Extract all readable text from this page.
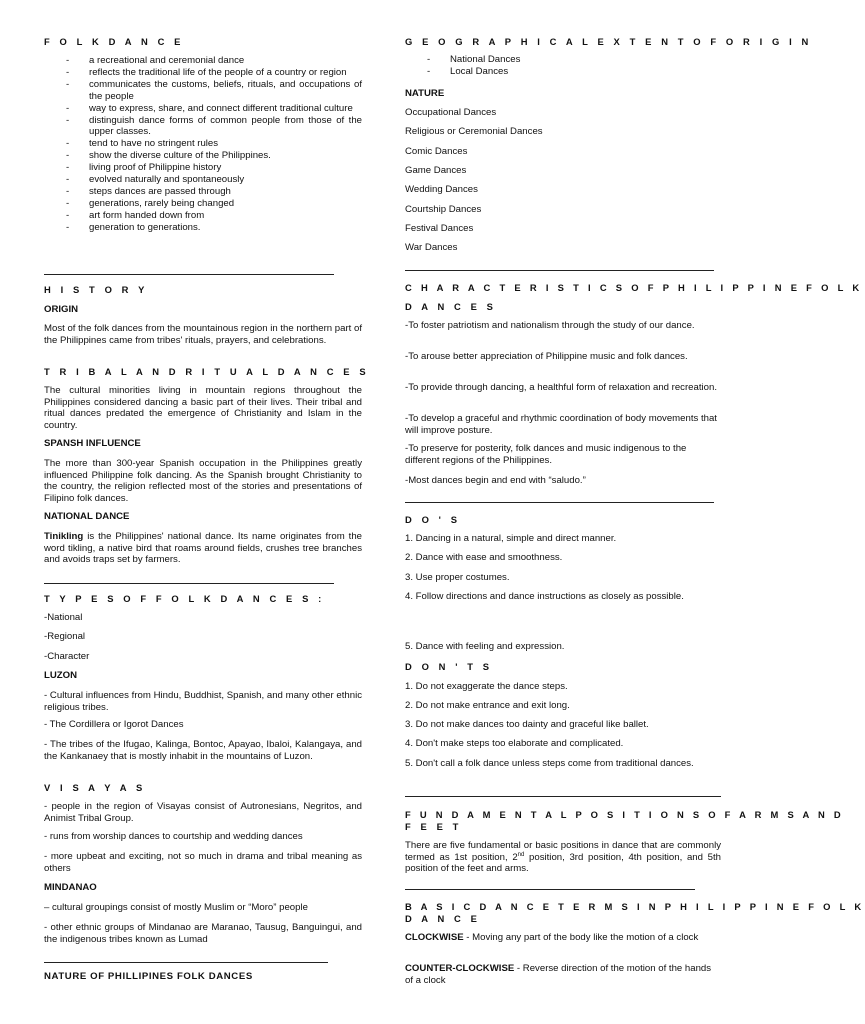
F O L K D A N C E
- a recreational and ceremonial dance
- reflects the traditional life of the people of a country or region
- communicates the customs, beliefs, rituals, and occupations of the people
- way to express, share, and connect different traditional culture
- distinguish dance forms of common people from those of the upper classes.
- tend to have no stringent rules
- show the diverse culture of the Philippines.
- living proof of Philippine history
- evolved naturally and spontaneously
- steps dances are passed through
- generations, rarely being changed
- art form handed down from
- generation to generations.
H I S T O R Y
ORIGIN

Most of the folk dances from the mountainous region in the northern part of the Philippines came from tribes' rituals, prayers, and celebrations.

T R I B A L A N D R I T U A L D A N C E S

The cultural minorities living in mountain regions throughout the Philippines considered dancing a basic part of their lives. Their tribal and ritual dances predated the emergence of Christianity and Islam in the country.

SPANSH INFLUENCE

The more than 300-year Spanish occupation in the Philippines greatly influenced Philippine folk dancing. As the Spanish brought Christianity to the country, the religion reflected most of the stories and presentations of Filipino folk dances.

NATIONAL DANCE

Tinikling is the Philippines' national dance. Its name originates from the word tikling, a native bird that roams around fields, crushes tree branches and avoids traps set by farmers.

T Y P E S O F F O L K D A N C E S :
-National
-Regional
-Character
LUZON

- Cultural influences from Hindu, Buddhist, Spanish, and many other ethnic religious tribes.

- The Cordillera or Igorot Dances

- The tribes of the Ifugao, Kalinga, Bontoc, Apayao, Ibaloi, Kalangaya, and the Kankanaey that is mostly inhabit in the mountains of Luzon.

V I S A Y A S

- people in the region of Visayas consist of Autronesians, Negritos, and Animist Tribal Group.

- runs from worship dances to courtship and wedding dances

- more upbeat and exciting, not so much in drama and tribal meaning as others

MINDANAO

– cultural groupings consist of mostly Muslim or “Moro” people

- other ethnic groups of Mindanao are Maranao, Tausug, Banguingui, and the indigenous tribes known as Lumad

NATURE OF PHILLIPINES FOLK DANCES
G E O G R A P H I C A L E X T E N T O F O R I G I N
- National Dances
- Local Dances
NATURE
Occupational Dances
Religious or Ceremonial Dances
Comic Dances
Game Dances
Wedding Dances
Courtship Dances
Festival Dances
War Dances
C H A R A C T E R I S T I C S O F P H I L I P P I N E F O L K
D A N C E S

-To foster patriotism and nationalism through the study of our dance.

-To arouse better appreciation of Philippine music and folk dances.

-To provide through dancing, a healthful form of relaxation and recreation.

-To develop a graceful and rhythmic coordination of body movements that will improve posture.

-To preserve for posterity, folk dances and music indigenous to the different regions of the Philippines.

-Most dances begin and end with “saludo.”

D O ' S
1. Dancing in a natural, simple and direct manner.
2. Dance with ease and smoothness.
3. Use proper costumes.

4. Follow directions and dance instructions as closely as possible.

5. Dance with feeling and expression.
D O N ' T S
1. Do not exaggerate the dance steps.
2. Do not make entrance and exit long.
3. Do not make dances too dainty and graceful like ballet.
4. Don't make steps too elaborate and complicated.

5. Don't call a folk dance unless steps come from traditional dances.

F U N D A M E N T A L P O S I T I O N S O F A R M S A N D
F E E T

There are five fundamental or basic positions in dance that are commonly termed as 1st position, 2nd position, 3rd position, 4th position, and 5th position of the feet and arms.

B A S I C D A N C E T E R M S I N P H I L I P P I N E F O L K
D A N C E

CLOCKWISE - Moving any part of the body like the motion of a clock

COUNTER-CLOCKWISE - Reverse direction of the motion of the hands of a clock
